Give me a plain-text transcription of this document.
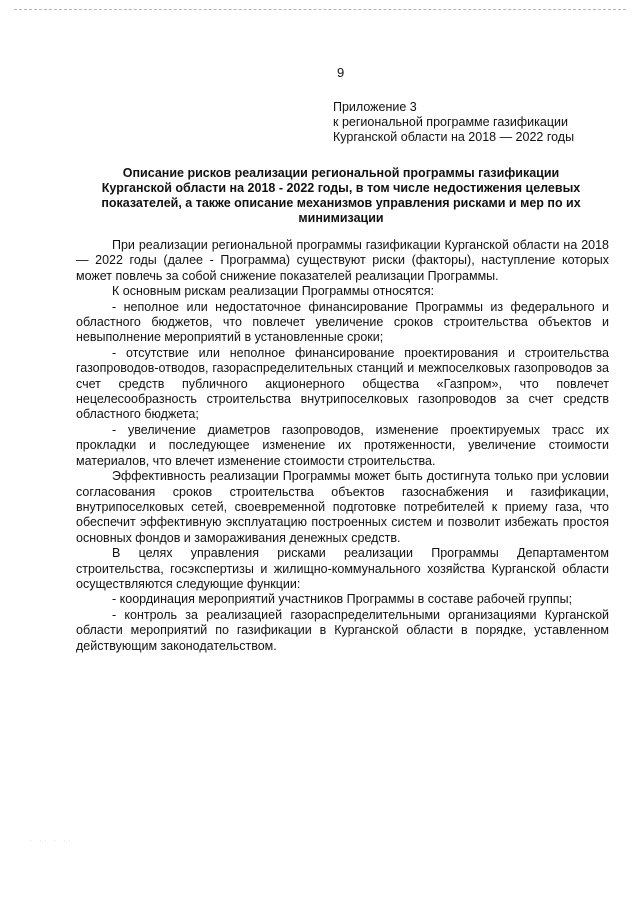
9
Приложение 3
к региональной программе газификации
Курганской области на 2018 — 2022 годы
Описание рисков реализации региональной программы газификации Курганской области на 2018 - 2022 годы, в том числе недостижения целевых показателей, а также описание механизмов управления рисками и мер по их минимизации

При реализации региональной программы газификации Курганской области на 2018 — 2022 годы (далее - Программа) существуют риски (факторы), наступление которых может повлечь за собой снижение показателей реализации Программы.

К основным рискам реализации Программы относятся:

- неполное или недостаточное финансирование Программы из федерального и областного бюджетов, что повлечет увеличение сроков строительства объектов и невыполнение мероприятий в установленные сроки;

- отсутствие или неполное финансирование проектирования и строительства газопроводов-отводов, газораспределительных станций и межпоселковых газопроводов за счет средств публичного акционерного общества «Газпром», что повлечет нецелесообразность строительства внутрипоселковых газопроводов за счет средств областного бюджета;

- увеличение диаметров газопроводов, изменение проектируемых трасс их прокладки и последующее изменение их протяженности, увеличение стоимости материалов, что влечет изменение стоимости строительства.

Эффективность реализации Программы может быть достигнута только при условии согласования сроков строительства объектов газоснабжения и газификации, внутрипоселковых сетей, своевременной подготовке потребителей к приему газа, что обеспечит эффективную эксплуатацию построенных систем и позволит избежать простоя основных фондов и замораживания денежных средств.

В целях управления рисками реализации Программы Департаментом строительства, госэкспертизы и жилищно-коммунального хозяйства Курганской области осуществляются следующие функции:

- координация мероприятий участников Программы в составе рабочей группы;

- контроль за реализацией газораспределительными организациями Курганской области мероприятий по газификации в Курганской области в порядке, уставленном действующим законодательством.

⋅ ⋅⋅ ⋅ ⋅⋅
